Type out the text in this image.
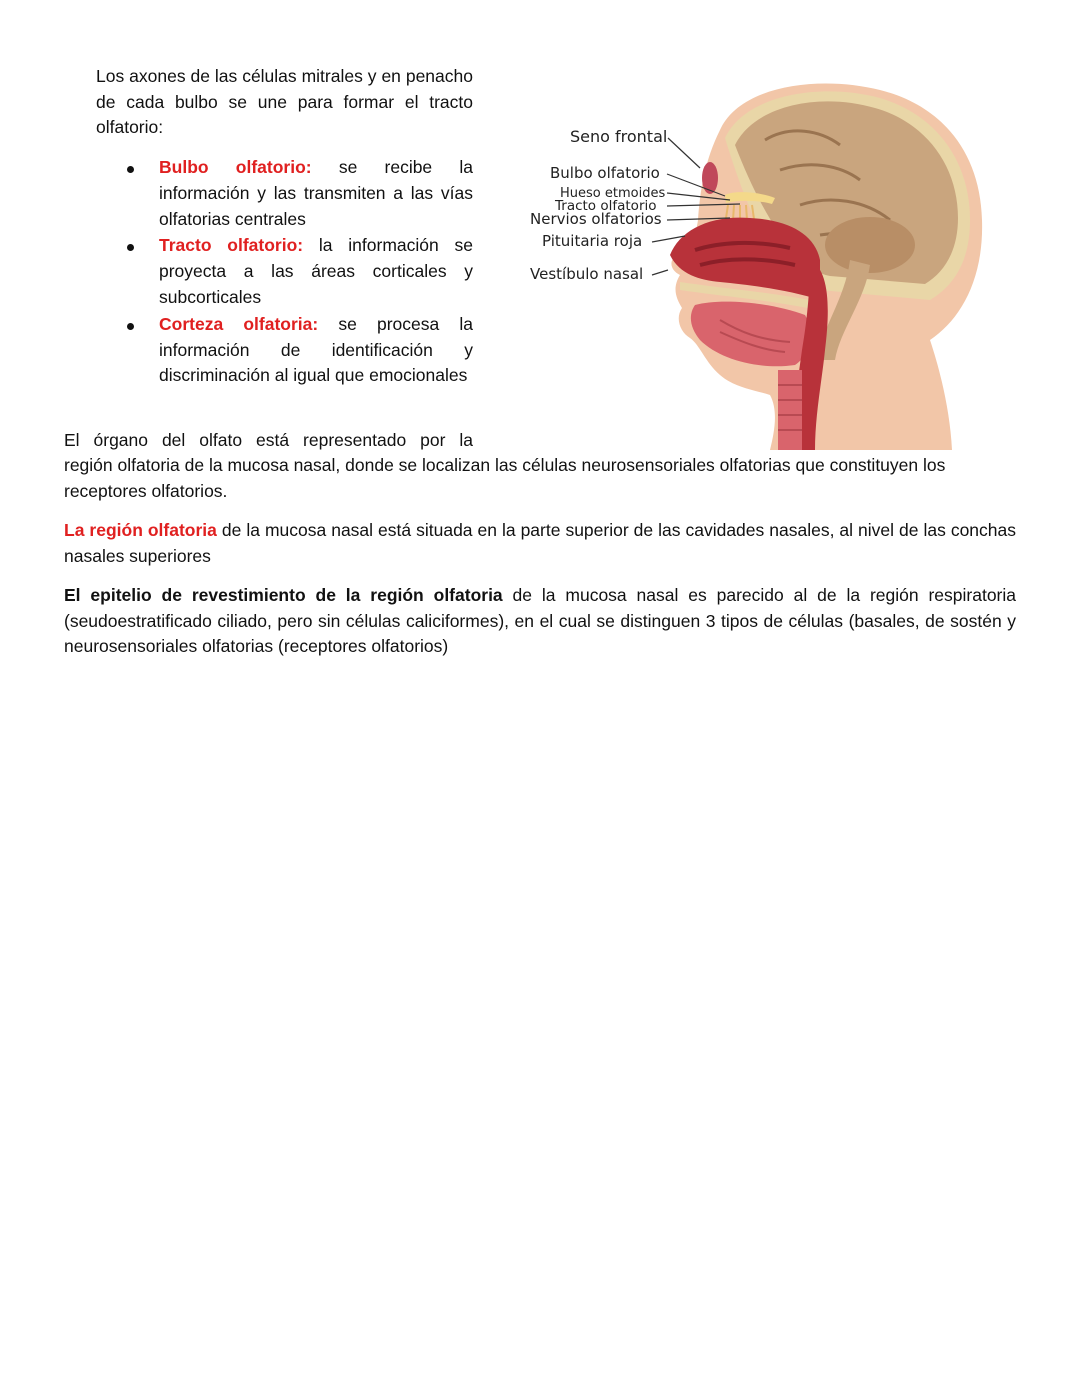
Los axones de las células mitrales y en penacho de cada bulbo se une para formar el tracto olfatorio:

Bulbo olfatorio: se recibe la información y las transmiten a las vías olfatorias centrales
Tracto olfatorio: la información se proyecta a las áreas corticales y subcorticales
Corteza olfatoria: se procesa la información de identificación y discriminación al igual que emocionales

El órgano del olfato está representado por la

región olfatoria de la mucosa nasal, donde se localizan las células neurosensoriales olfatorias que constituyen los receptores olfatorios.

La región olfatoria de la mucosa nasal está situada en la parte superior de las cavidades nasales, al nivel de las conchas nasales superiores

El epitelio de revestimiento de la región olfatoria de la mucosa nasal es parecido al de la región respiratoria (seudoestratificado ciliado, pero sin células caliciformes), en el cual se distinguen 3 tipos de células (basales, de sostén y neurosensoriales olfatorias (receptores olfatorios)

Seno frontal
Bulbo olfatorio
Hueso etmoides
Tracto olfatorio
Nervios olfatorios
Pituitaria roja
Vestíbulo nasal
